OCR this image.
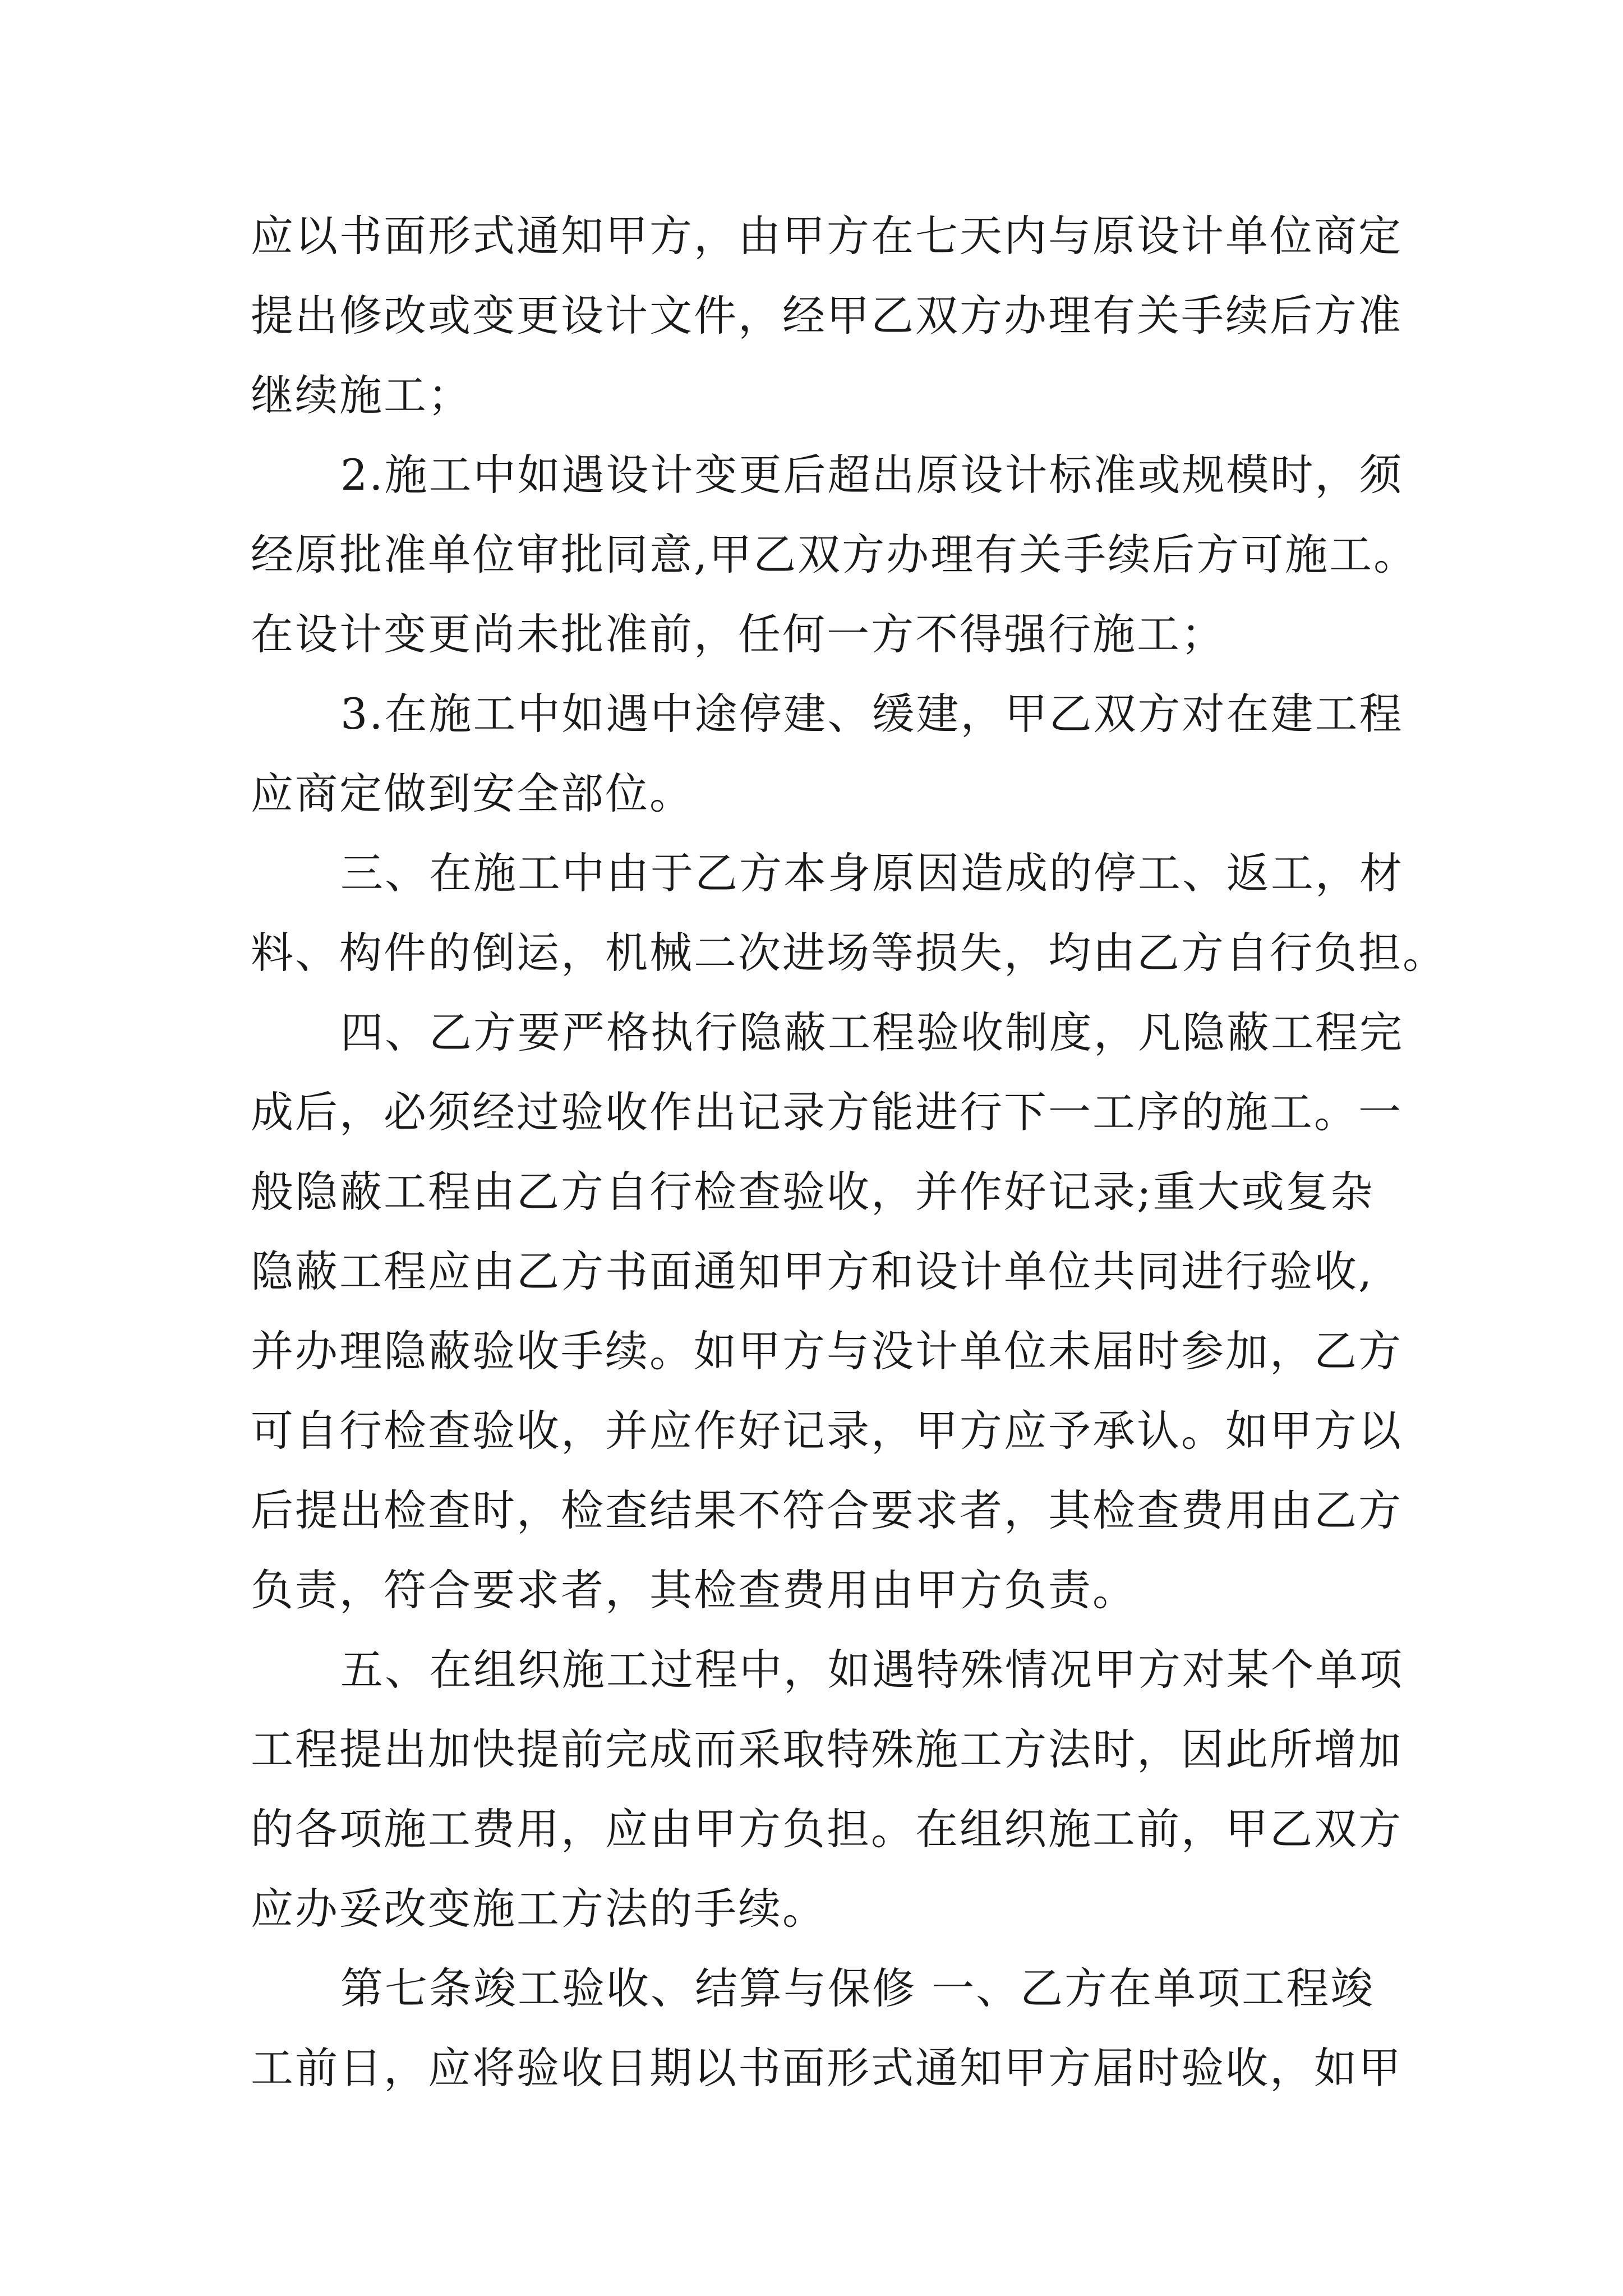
应以书面形式通知甲方，由甲方在七天内与原设计单位商定
提出修改或变更设计文件，经甲乙双方办理有关手续后方准
继续施工；
2.施工中如遇设计变更后超出原设计标准或规模时，须
经原批准单位审批同意,甲乙双方办理有关手续后方可施工。
在设计变更尚未批准前，任何一方不得强行施工；
3.在施工中如遇中途停建、缓建，甲乙双方对在建工程
应商定做到安全部位。
三、在施工中由于乙方本身原因造成的停工、返工，材
料、构件的倒运，机械二次进场等损失，均由乙方自行负担。
四、乙方要严格执行隐蔽工程验收制度，凡隐蔽工程完
成后，必须经过验收作出记录方能进行下一工序的施工。一
般隐蔽工程由乙方自行检查验收，并作好记录;重大或复杂
隐蔽工程应由乙方书面通知甲方和设计单位共同进行验收,
并办理隐蔽验收手续。如甲方与没计单位未届时参加，乙方
可自行检查验收，并应作好记录，甲方应予承认。如甲方以
后提出检查时，检查结果不符合要求者，其检查费用由乙方
负责，符合要求者，其检查费用由甲方负责。
五、在组织施工过程中，如遇特殊情况甲方对某个单项
工程提出加快提前完成而采取特殊施工方法时，因此所增加
的各项施工费用，应由甲方负担。在组织施工前，甲乙双方
应办妥改变施工方法的手续。
第七条竣工验收、结算与保修 一、乙方在单项工程竣
工前日，应将验收日期以书面形式通知甲方届时验收，如甲
